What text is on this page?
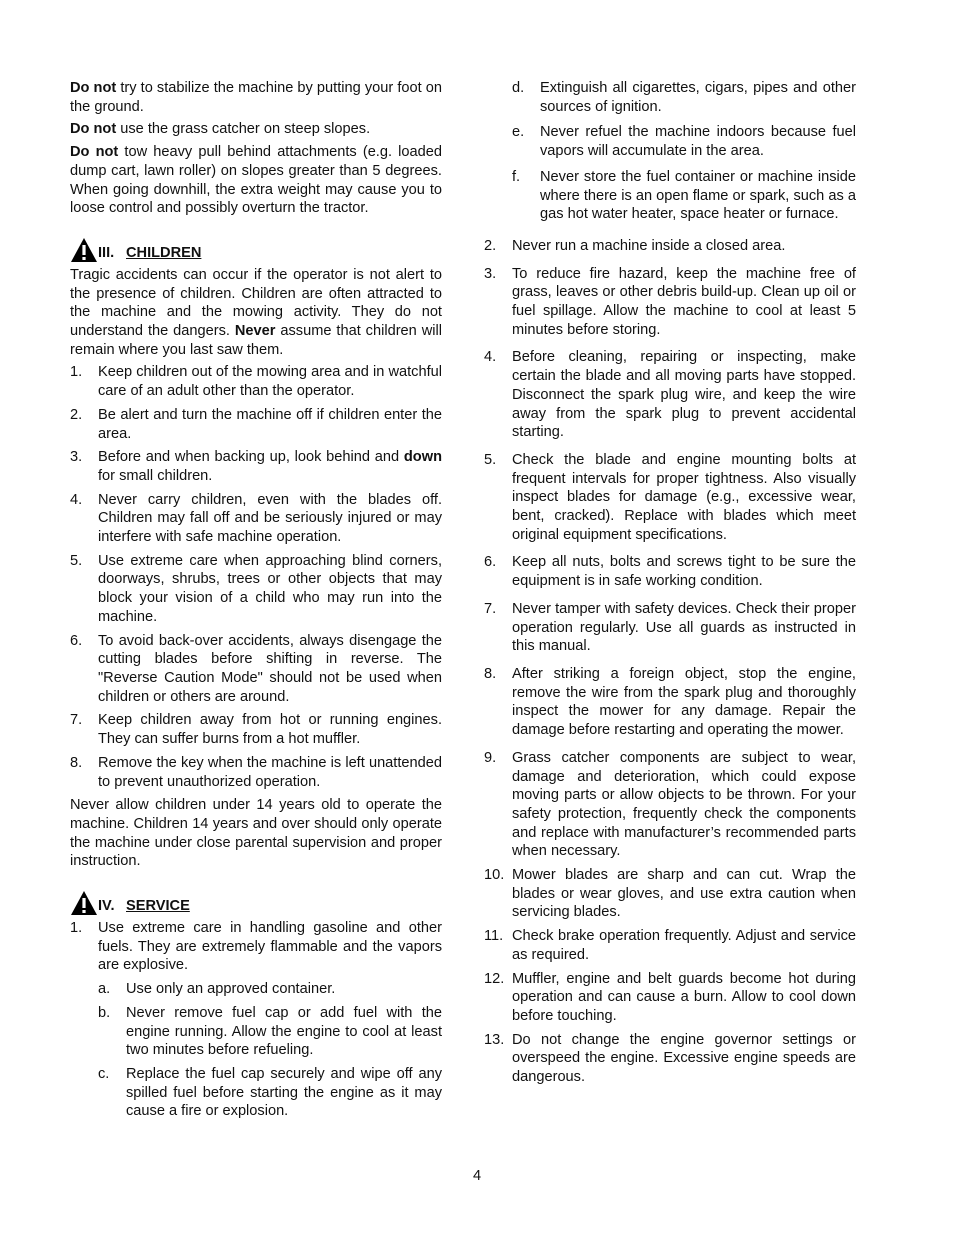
Do not try to stabilize the machine by putting your foot on the ground.

Do not use the grass catcher on steep slopes.

Do not tow heavy pull behind attachments (e.g. loaded dump cart, lawn roller) on slopes greater than 5 degrees. When going downhill, the extra weight may cause you to loose control and possibly overturn the tractor.

III. CHILDREN

Tragic accidents can occur if the operator is not alert to the presence of children. Children are often attracted to the machine and the mowing activity. They do not understand the dangers. Never assume that children will remain where you last saw them.

1.	Keep children out of the mowing area and in watchful care of an adult other than the operator.
2.	Be alert and turn the machine off if children enter the area.
3.	Before and when backing up, look behind and down for small children.
4.	Never carry children, even with the blades off. Children may fall off and be seriously injured or may interfere with safe machine operation.
5.	Use extreme care when approaching blind corners, doorways, shrubs, trees or other objects that may block your vision of a child who may run into the machine.
6.	To avoid back-over accidents, always disengage the cutting blades before shifting in reverse. The "Reverse Caution Mode" should not be used when children or others are around.
7.	Keep children away from hot or running engines. They can suffer burns from a hot muffler.
8.	Remove the key when the machine is left unattended to prevent unauthorized operation.

Never allow children under 14 years old to operate the machine. Children 14 years and over should only operate the machine under close parental supervision and proper instruction.

IV. SERVICE
1.	Use extreme care in handling gasoline and other fuels. They are extremely flammable and the vapors are explosive.
a.	Use only an approved container.
b.	Never remove fuel cap or add fuel with the engine running. Allow the engine to cool at least two minutes before refueling.
c.	Replace the fuel cap securely and wipe off any spilled fuel before starting the engine as it may cause a fire or explosion.
d.	Extinguish all cigarettes, cigars, pipes and other sources of ignition.
e.	Never refuel the machine indoors because fuel vapors will accumulate in the area.
f.	Never store the fuel container or machine inside where there is an open flame or spark, such as a gas hot water heater, space heater or furnace.
2.	Never run a machine inside a closed area.
3.	To reduce fire hazard, keep the machine free of grass, leaves or other debris build-up. Clean up oil or fuel spillage. Allow the machine to cool at least 5 minutes before storing.
4.	Before cleaning, repairing or inspecting, make certain the blade and all moving parts have stopped. Disconnect the spark plug wire, and keep the wire away from the spark plug to prevent accidental starting.
5.	Check the blade and engine mounting bolts at frequent intervals for proper tightness. Also visually inspect blades for damage (e.g., excessive wear, bent, cracked). Replace with blades which meet original equipment specifications.
6.	Keep all nuts, bolts and screws tight to be sure the equipment is in safe working condition.
7.	Never tamper with safety devices. Check their proper operation regularly. Use all guards as instructed in this manual.
8.	After striking a foreign object, stop the engine, remove the wire from the spark plug and thoroughly inspect the mower for any damage. Repair the damage before restarting and operating the mower.
9.	Grass catcher components are subject to wear, damage and deterioration, which could expose moving parts or allow objects to be thrown. For your safety protection, frequently check the components and replace with manufacturer’s recommended parts when necessary.
10. Mower blades are sharp and can cut. Wrap the blades or wear gloves, and use extra caution when servicing blades.
11. Check brake operation frequently. Adjust and service as required.
12. Muffler, engine and belt guards become hot during operation and can cause a burn. Allow to cool down before touching.
13. Do not change the engine governor settings or overspeed the engine. Excessive engine speeds are dangerous.
4
